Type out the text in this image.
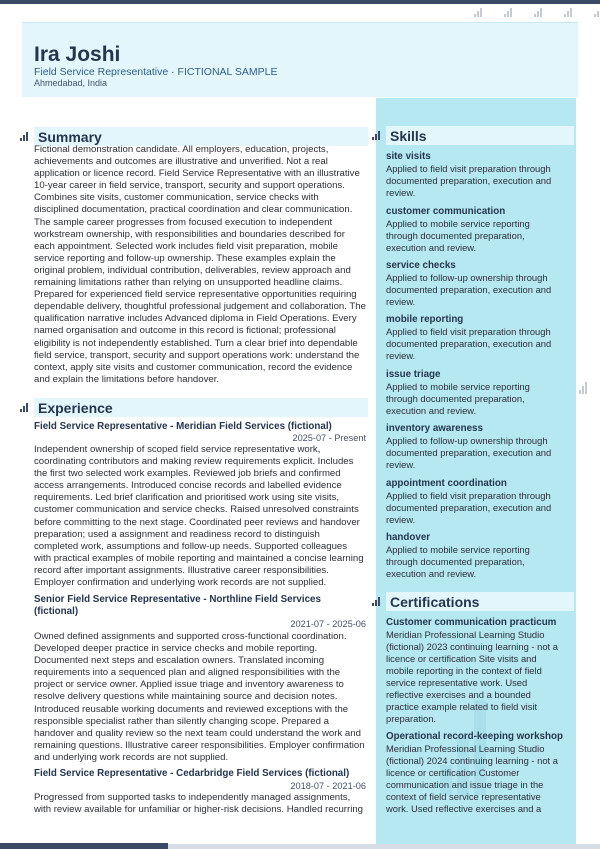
Ira Joshi
Field Service Representative · FICTIONAL SAMPLE
Ahmedabad, India
Summary
Fictional demonstration candidate. All employers, education, projects,
achievements and outcomes are illustrative and unverified. Not a real
application or licence record. Field Service Representative with an illustrative
10-year career in field service, transport, security and support operations.
Combines site visits, customer communication, service checks with
disciplined documentation, practical coordination and clear communication.
The sample career progresses from focused execution to independent
workstream ownership, with responsibilities and boundaries described for
each appointment. Selected work includes field visit preparation, mobile
service reporting and follow-up ownership. These examples explain the
original problem, individual contribution, deliverables, review approach and
remaining limitations rather than relying on unsupported headline claims.
Prepared for experienced field service representative opportunities requiring
dependable delivery, thoughtful professional judgement and collaboration. The
qualification narrative includes Advanced diploma in Field Operations. Every
named organisation and outcome in this record is fictional; professional
eligibility is not independently established. Turn a clear brief into dependable
field service, transport, security and support operations work: understand the
context, apply site visits and customer communication, record the evidence
and explain the limitations before handover.
Experience
Field Service Representative - Meridian Field Services (fictional)
2025-07 - Present
Independent ownership of scoped field service representative work,
coordinating contributors and making review requirements explicit. Includes
the first two selected work examples. Reviewed job briefs and confirmed
access arrangements. Introduced concise records and labelled evidence
requirements. Led brief clarification and prioritised work using site visits,
customer communication and service checks. Raised unresolved constraints
before committing to the next stage. Coordinated peer reviews and handover
preparation; used a assignment and readiness record to distinguish
completed work, assumptions and follow-up needs. Supported colleagues
with practical examples of mobile reporting and maintained a concise learning
record after important assignments. Illustrative career responsibilities.
Employer confirmation and underlying work records are not supplied.
Senior Field Service Representative - Northline Field Services
(fictional)
2021-07 - 2025-06
Owned defined assignments and supported cross-functional coordination.
Developed deeper practice in service checks and mobile reporting.
Documented next steps and escalation owners. Translated incoming
requirements into a sequenced plan and aligned responsibilities with the
project or service owner. Applied issue triage and inventory awareness to
resolve delivery questions while maintaining source and decision notes.
Introduced reusable working documents and reviewed exceptions with the
responsible specialist rather than silently changing scope. Prepared a
handover and quality review so the next team could understand the work and
remaining questions. Illustrative career responsibilities. Employer confirmation
and underlying work records are not supplied.
Field Service Representative - Cedarbridge Field Services (fictional)
2018-07 - 2021-06
Progressed from supported tasks to independently managed assignments,
with review available for unfamiliar or higher-risk decisions. Handled recurring
Skills
site visits
Applied to field visit preparation through
documented preparation, execution and
review.
customer communication
Applied to mobile service reporting
through documented preparation,
execution and review.
service checks
Applied to follow-up ownership through
documented preparation, execution and
review.
mobile reporting
Applied to field visit preparation through
documented preparation, execution and
review.
issue triage
Applied to mobile service reporting
through documented preparation,
execution and review.
inventory awareness
Applied to follow-up ownership through
documented preparation, execution and
review.
appointment coordination
Applied to field visit preparation through
documented preparation, execution and
review.
handover
Applied to mobile service reporting
through documented preparation,
execution and review.
Certifications
Customer communication practicum
Meridian Professional Learning Studio
(fictional) 2023 continuing learning - not a
licence or certification Site visits and
mobile reporting in the context of field
service representative work. Used
reflective exercises and a bounded
practice example related to field visit
preparation.
Operational record-keeping workshop
Meridian Professional Learning Studio
(fictional) 2024 continuing learning - not a
licence or certification Customer
communication and issue triage in the
context of field service representative
work. Used reflective exercises and a
